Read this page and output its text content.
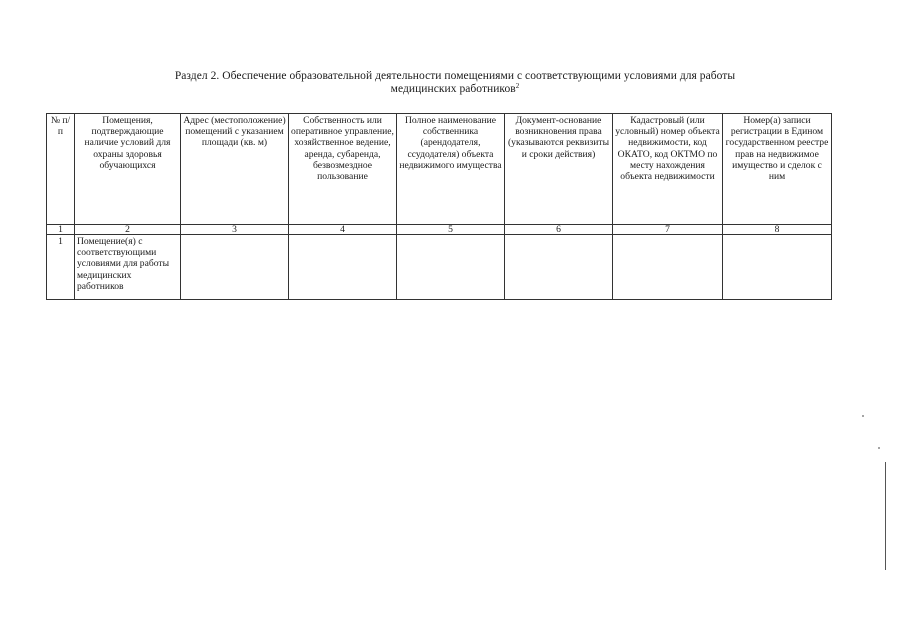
Раздел 2. Обеспечение образовательной деятельности помещениями с соответствующими условиями для работы
медицинских работников$^2$
№ п/п	Помещения, подтверждающие наличие условий для охраны здоровья обучающихся	Адрес (местоположение) помещений с указанием площади (кв. м)	Собственность или оперативное управление, хозяйственное ведение, аренда, субаренда, безвозмездное пользование	Полное наименование собственника (арендодателя, ссудодателя) объекта недвижимого имущества	Документ-основание возникновения права (указываются реквизиты и сроки действия)	Кадастровый (или условный) номер объекта недвижимости, код ОКАТО, код ОКТМО по месту нахождения объекта недвижимости	Номер(а) записи регистрации в Едином государственном реестре прав на недвижимое имущество и сделок с ним
1	2	3	4	5	6	7	8
1	Помещение(я) с соответствующими условиями для работы медицинских работников						
